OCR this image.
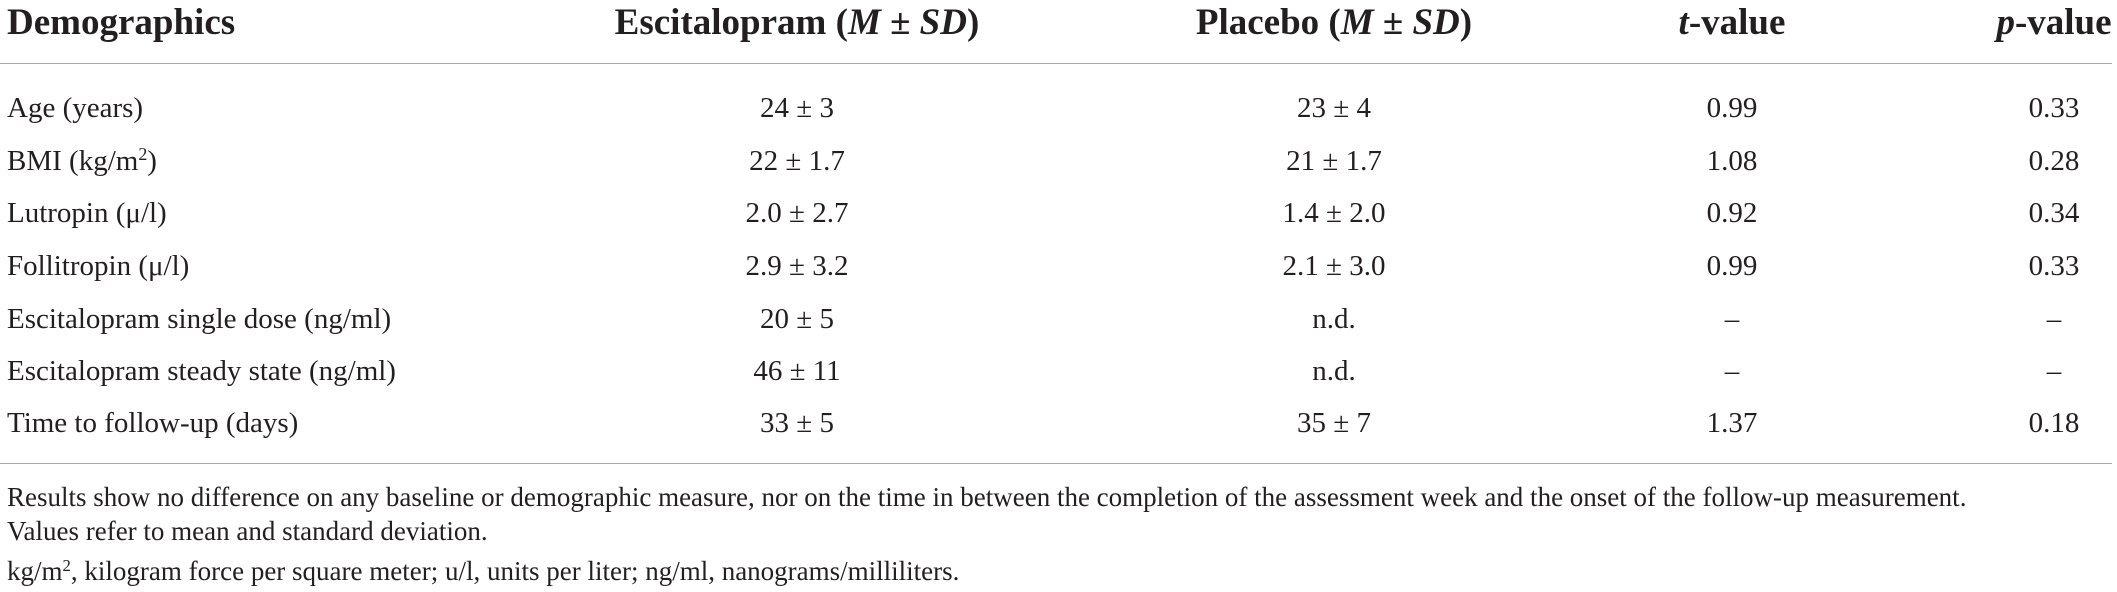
Demographics	Escitalopram (M ± SD)	Placebo (M ± SD)	t-value	p-value
Age (years)	24 ± 3	23 ± 4	0.99	0.33
BMI $(kg/m^2)$	22 ± 1.7	21 ± 1.7	1.08	0.28
Lutropin (μ/l)	2.0 ± 2.7	1.4 ± 2.0	0.92	0.34
Follitropin (μ/l)	2.9 ± 3.2	2.1 ± 3.0	0.99	0.33
Escitalopram single dose (ng/ml)	20 ± 5	n.d.	–	–
Escitalopram steady state (ng/ml)	46 ± 11	n.d.	–	–
Time to follow-up (days)	33 ± 5	35 ± 7	1.37	0.18
Results show no difference on any baseline or demographic measure, nor on the time in between the completion of the assessment week and the onset of the follow-up measurement.
Values refer to mean and standard deviation.
$kg/m^2$, kilogram force per square meter; u/l, units per liter; ng/ml, nanograms/milliliters.
